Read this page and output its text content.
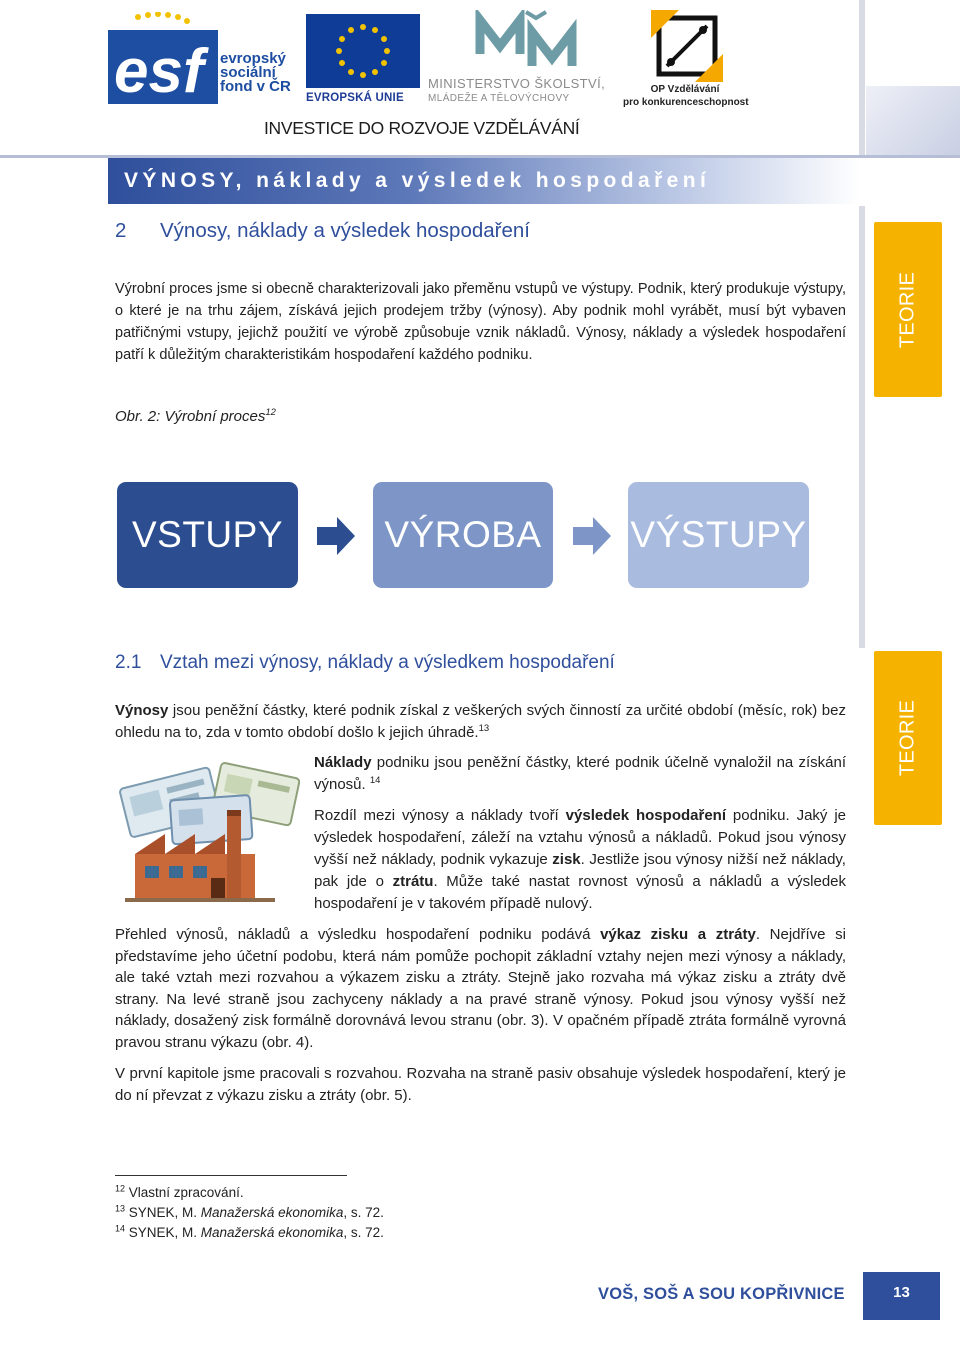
esf	evropský
sociální
fond v ČR
EVROPSKÁ UNIE
MINISTERSTVO ŠKOLSTVÍ,
MLÁDEŽE A TĚLOVÝCHOVY
OP Vzdělávání
pro konkurenceschopnost
INVESTICE DO ROZVOJE VZDĚLÁVÁNÍ
VÝNOSY, náklady a výsledek hospodaření
2 Výnosy, náklady a výsledek hospodaření

Výrobní proces jsme si obecně charakterizovali jako přeměnu vstupů ve výstupy. Podnik, který produkuje výstupy, o které je na trhu zájem, získává jejich prodejem tržby (výnosy). Aby podnik mohl vyrábět, musí být vybaven patřičnými vstupy, jejichž použití ve výrobě způsobuje vznik nákladů. Výnosy, náklady a výsledek hospodaření patří k důležitým charakteristikám hospodaření každého podniku.

TEORIE
Obr. 2: Výrobní proces$^{12}$
VSTUPY	VÝROBA	VÝSTUPY
2.1 Vztah mezi výnosy, náklady a výsledkem hospodaření
TEORIE

Výnosy jsou peněžní částky, které podnik získal z veškerých svých činností za určité období (měsíc, rok) bez ohledu na to, zda v tomto období došlo k jejich úhradě.$^{13}$

Náklady podniku jsou peněžní částky, které podnik účelně vynaložil na získání výnosů. $^{14}$

Rozdíl mezi výnosy a náklady tvoří výsledek hospodaření podniku. Jaký je výsledek hospodaření, záleží na vztahu výnosů a nákladů. Pokud jsou výnosy vyšší než náklady, podnik vykazuje zisk. Jestliže jsou výnosy nižší než náklady, pak jde o ztrátu. Může také nastat rovnost výnosů a nákladů a výsledek hospodaření je v takovém případě nulový.

Přehled výnosů, nákladů a výsledku hospodaření podniku podává výkaz zisku a ztráty. Nejdříve si představíme jeho účetní podobu, která nám pomůže pochopit základní vztahy nejen mezi výnosy a náklady, ale také vztah mezi rozvahou a výkazem zisku a ztráty. Stejně jako rozvaha má výkaz zisku a ztráty dvě strany. Na levé straně jsou zachyceny náklady a na pravé straně výnosy. Pokud jsou výnosy vyšší než náklady, dosažený zisk formálně dorovnává levou stranu (obr. 3). V opačném případě ztráta formálně vyrovná pravou stranu výkazu (obr. 4).

V první kapitole jsme pracovali s rozvahou. Rozvaha na straně pasiv obsahuje výsledek hospodaření, který je do ní převzat z výkazu zisku a ztráty (obr. 5).

$^{12}$ Vlastní zpracování.
$^{13}$ SYNEK, M. Manažerská ekonomika, s. 72.
$^{14}$ SYNEK, M. Manažerská ekonomika, s. 72.
VOŠ, SOŠ A SOU KOPŘIVNICE	13
